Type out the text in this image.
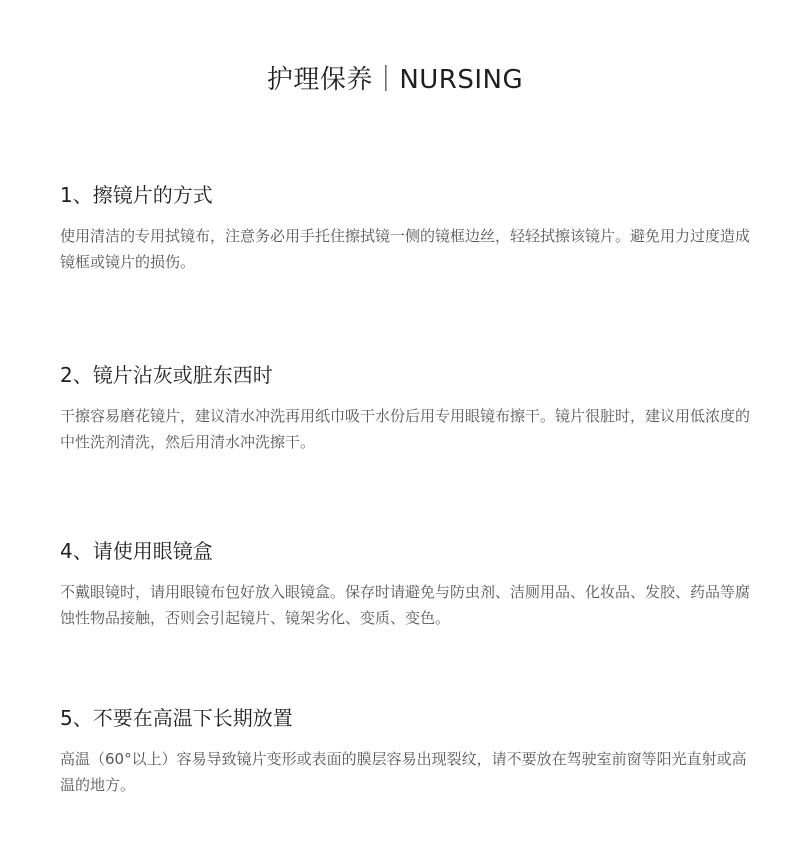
护理保养｜NURSING
1、擦镜片的方式

使用清洁的专用拭镜布，注意务必用手托住擦拭镜一侧的镜框边丝，轻轻拭擦该镜片。避免用力过度造成镜框或镜片的损伤。

2、镜片沾灰或脏东西时

干擦容易磨花镜片，建议清水冲洗再用纸巾吸干水份后用专用眼镜布擦干。镜片很脏时，建议用低浓度的中性洗剂清洗，然后用清水冲洗擦干。

4、请使用眼镜盒

不戴眼镜时，请用眼镜布包好放入眼镜盒。保存时请避免与防虫剂、洁厕用品、化妆品、发胶、药品等腐蚀性物品接触，否则会引起镜片、镜架劣化、变质、变色。

5、不要在高温下长期放置

高温（60°以上）容易导致镜片变形或表面的膜层容易出现裂纹，请不要放在驾驶室前窗等阳光直射或高温的地方。
